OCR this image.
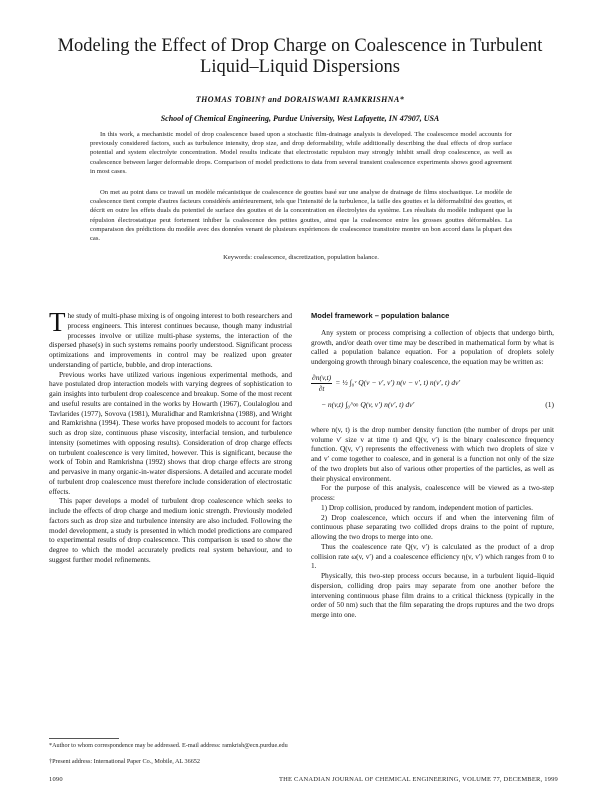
Modeling the Effect of Drop Charge on Coalescence in Turbulent Liquid–Liquid Dispersions
THOMAS TOBIN† and DORAISWAMI RAMKRISHNA*
School of Chemical Engineering, Purdue University, West Lafayette, IN 47907, USA
In this work, a mechanistic model of drop coalescence based upon a stochastic film-drainage analysis is developed. The coalescence model accounts for previously considered factors, such as turbulence intensity, drop size, and drop deformability, while additionally describing the dual effects of drop surface potential and system electrolyte concentration. Model results indicate that electrostatic repulsion may strongly inhibit small drop coalescence, as well as coalescence between larger deformable drops. Comparison of model predictions to data from several transient coalescence experiments shows good agreement in most cases.
On met au point dans ce travail un modèle mécanistique de coalescence de gouttes basé sur une analyse de drainage de films stochastique. Le modèle de coalescence tient compte d'autres facteurs considérés antérieurement, tels que l'intensité de la turbulence, la taille des gouttes et la déformabilité des gouttes, et décrit en outre les effets duals du potentiel de surface des gouttes et de la concentration en électrolytes du système. Les résultats du modèle indiquent que la répulsion électrostatique peut fortement inhiber la coalescence des petites gouttes, ainsi que la coalescence entre les grosses gouttes déformables. La comparaison des prédictions du modèle avec des données venant de plusieurs expériences de coalescence transitoire montre un bon accord dans la plupart des cas.
Keywords: coalescence, discretization, population balance.

The study of multi-phase mixing is of ongoing interest to both researchers and process engineers. This interest continues because, though many industrial processes involve or utilize multi-phase systems, the interaction of the dispersed phase(s) in such systems remains poorly understood. Significant process optimizations and improvements in control may be realized upon greater understanding of particle, bubble, and drop interactions.

Previous works have utilized various ingenious experimental methods, and have postulated drop interaction models with varying degrees of sophistication to gain insights into turbulent drop coalescence and breakup. Some of the most recent and useful results are contained in the works by Howarth (1967), Coulaloglou and Tavlarides (1977), Sovova (1981), Muralidhar and Ramkrishna (1988), and Wright and Ramkrishna (1994). These works have proposed models to account for factors such as drop size, continuous phase viscosity, interfacial tension, and turbulence intensity (sometimes with opposing results). Consideration of drop charge effects on turbulent coalescence is very limited, however. This is significant, because the work of Tobin and Ramkrishna (1992) shows that drop charge effects are strong and pervasive in many organic-in-water dispersions. A detailed and accurate model of turbulent drop coalescence must therefore include consideration of electrostatic effects.

This paper develops a model of turbulent drop coalescence which seeks to include the effects of drop charge and medium ionic strength. Previously modeled factors such as drop size and turbulence intensity are also included. Following the model development, a study is presented in which model predictions are compared to experimental results of drop coalescence. This comparison is used to show the degree to which the model accurately predicts real system behaviour, and to suggest further model refinements.

Model framework – population balance

Any system or process comprising a collection of objects that undergo birth, growth, and/or death over time may be described in mathematical form by what is called a population balance equation. For a population of droplets solely undergoing growth through binary coalescence, the equation may be written as:

$\frac{\partial n(v,t)}{\partial t}$ = ½ ∫₀ᵛ Q(v − v′, v′) n(v − v′, t) n(v′, t) dv′
− n(v,t) ∫₀^∞ Q(v, v′) n(v′, t) dv′	(1)

where n(v, t) is the drop number density function (the number of drops per unit volume v′ size v at time t) and Q(v, v′) is the binary coalescence frequency function. Q(v, v′) represents the effectiveness with which two droplets of size v and v′ come together to coalesce, and in general is a function not only of the size of the two droplets but also of various other properties of the particles, as well as their physical environment.

For the purpose of this analysis, coalescence will be viewed as a two-step process:

1) Drop collision, produced by random, independent motion of particles.

2) Drop coalescence, which occurs if and when the intervening film of continuous phase separating two collided drops drains to the point of rupture, allowing the two drops to merge into one.

Thus the coalescence rate Q(v, v′) is calculated as the product of a drop collision rate ω(v, v′) and a coalescence efficiency η(v, v′) which ranges from 0 to 1.

Physically, this two-step process occurs because, in a turbulent liquid–liquid dispersion, colliding drop pairs may separate from one another before the intervening continuous phase film drains to a critical thickness (typically in the order of 50 nm) such that the film separating the drops ruptures and the two drops merge into one.

*Author to whom correspondence may be addressed. E-mail address: ramkrish@ecn.purdue.edu
†Present address: International Paper Co., Mobile, AL 36652
1090	THE CANADIAN JOURNAL OF CHEMICAL ENGINEERING, VOLUME 77, DECEMBER, 1999
